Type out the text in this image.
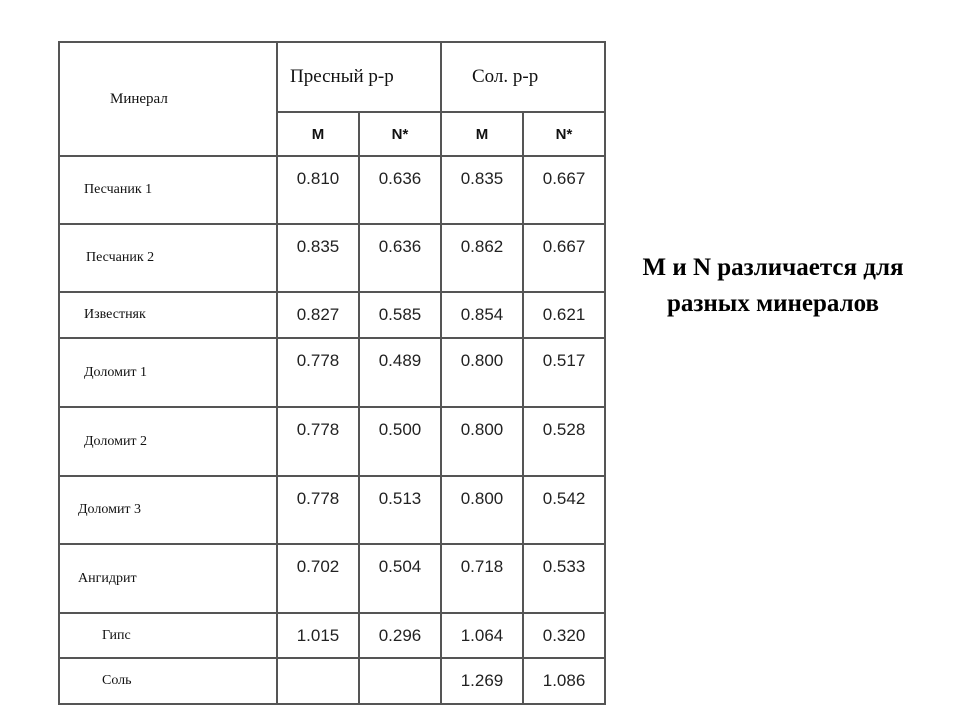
Минерал	Пресный р-р		Сол. р-р	
	M	N*	M	N*
Песчаник 1	0.810	0.636	0.835	0.667
Песчаник 2	0.835	0.636	0.862	0.667
Известняк	0.827	0.585	0.854	0.621
Доломит 1	0.778	0.489	0.800	0.517
Доломит 2	0.778	0.500	0.800	0.528
Доломит 3	0.778	0.513	0.800	0.542
Ангидрит	0.702	0.504	0.718	0.533
Гипс	1.015	0.296	1.064	0.320
Соль			1.269	1.086
M и N различается для
разных минералов
